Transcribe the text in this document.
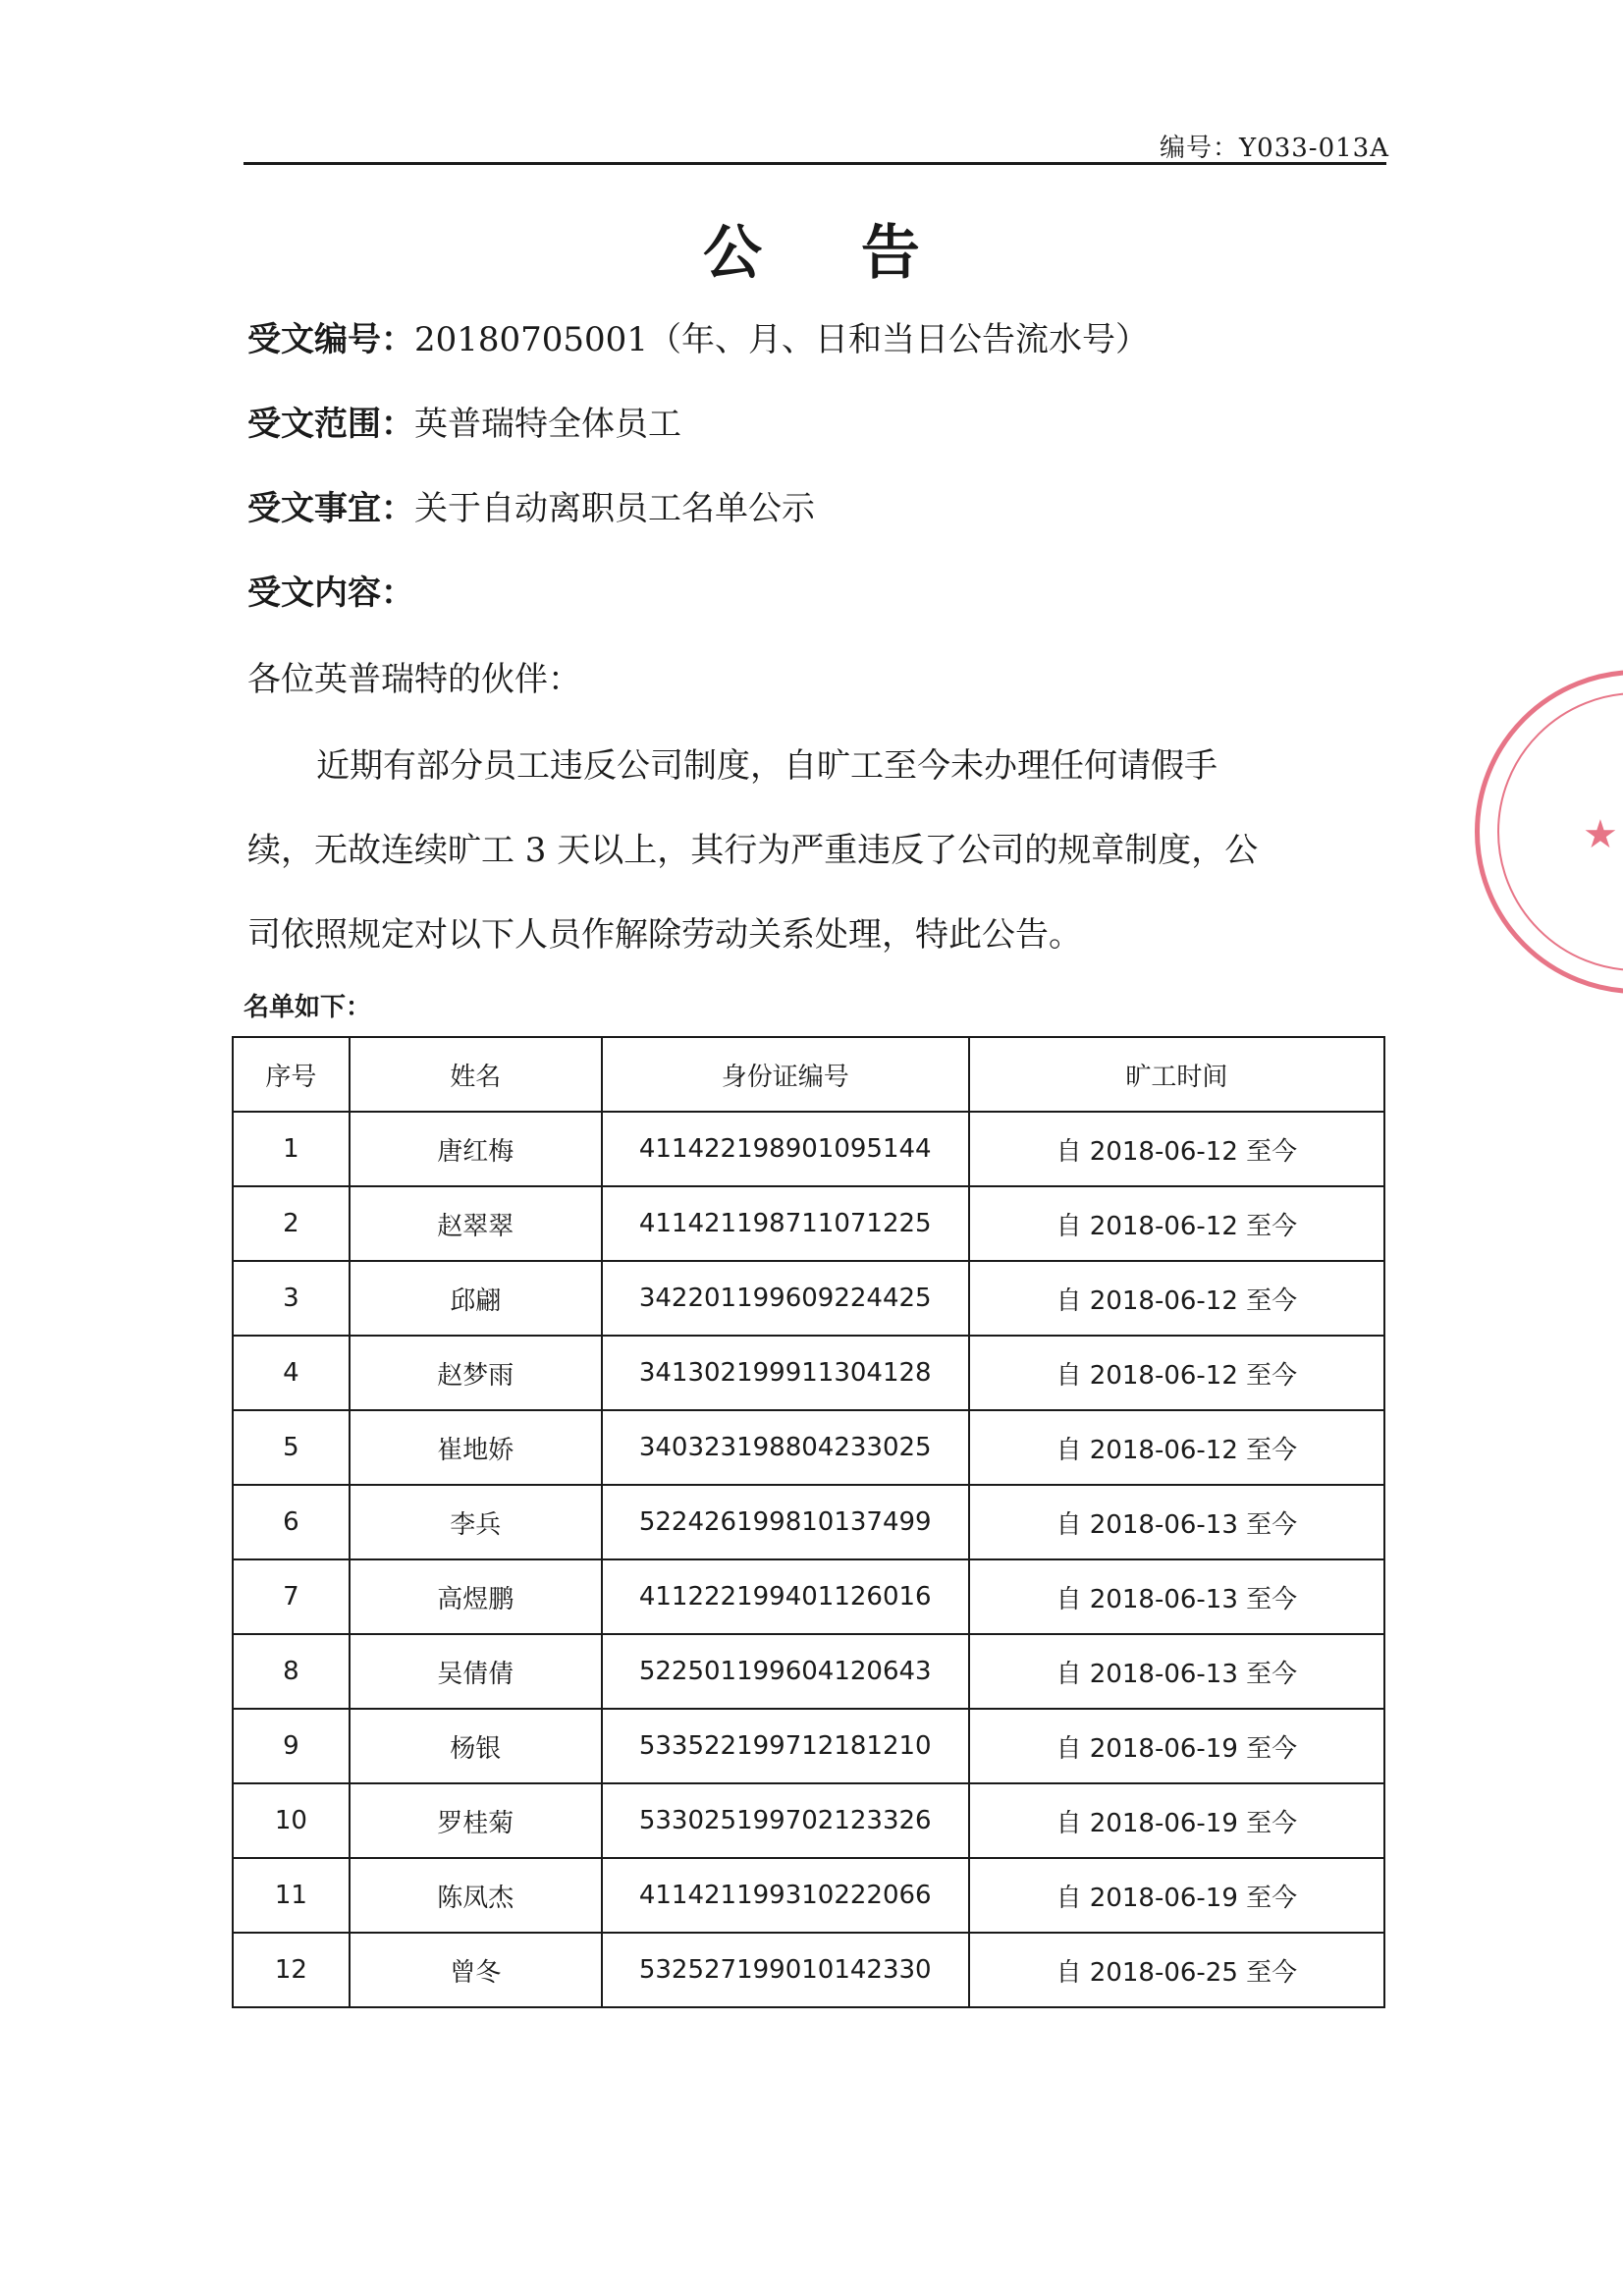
编号：Y033-013A
公 告
受文编号：20180705001（年、月、日和当日公告流水号）
受文范围：英普瑞特全体员工
受文事宜：关于自动离职员工名单公示
受文内容：
各位英普瑞特的伙伴：
近期有部分员工违反公司制度，自旷工至今未办理任何请假手
续，无故连续旷工 3 天以上，其行为严重违反了公司的规章制度，公
司依照规定对以下人员作解除劳动关系处理，特此公告。
名单如下：
序号	姓名	身份证编号	旷工时间
1	唐红梅	411422198901095144	自 2018-06-12 至今
2	赵翠翠	411421198711071225	自 2018-06-12 至今
3	邱翩	342201199609224425	自 2018-06-12 至今
4	赵梦雨	341302199911304128	自 2018-06-12 至今
5	崔地娇	340323198804233025	自 2018-06-12 至今
6	李兵	522426199810137499	自 2018-06-13 至今
7	高煜鹏	411222199401126016	自 2018-06-13 至今
8	吴倩倩	522501199604120643	自 2018-06-13 至今
9	杨银	533522199712181210	自 2018-06-19 至今
10	罗桂菊	533025199702123326	自 2018-06-19 至今
11	陈凤杰	411421199310222066	自 2018-06-19 至今
12	曾冬	532527199010142330	自 2018-06-25 至今
★
